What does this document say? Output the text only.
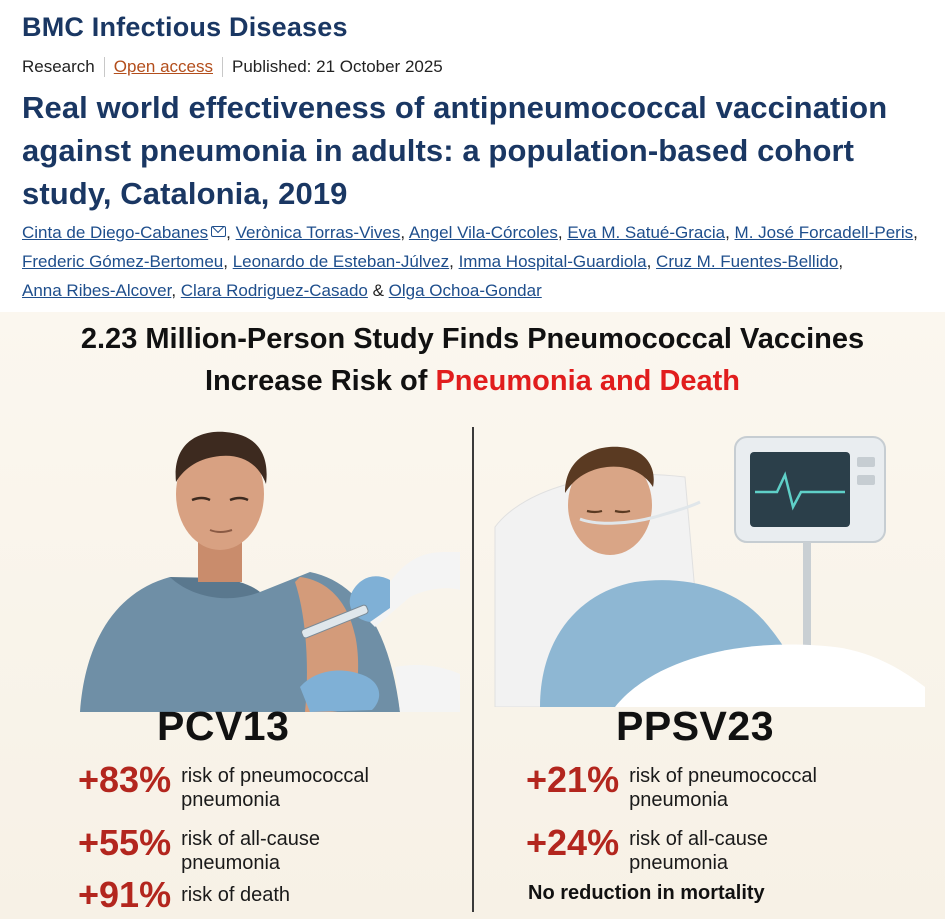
BMC Infectious Diseases
Research Open access Published: 21 October 2025
Real world effectiveness of antipneumococcal vaccination against pneumonia in adults: a population-based cohort study, Catalonia, 2019
Cinta de Diego-Cabanes , Verònica Torras-Vives, Angel Vila-Córcoles, Eva M. Satué-Gracia, M. José Forcadell-Peris, Frederic Gómez-Bertomeu, Leonardo de Esteban-Júlvez, Imma Hospital-Guardiola, Cruz M. Fuentes-Bellido, Anna Ribes-Alcover, Clara Rodriguez-Casado & Olga Ochoa-Gondar
2.23 Million-Person Study Finds Pneumococcal Vaccines
Increase Risk of Pneumonia and Death
PCV13
+83% risk of pneumococcal
pneumonia
+55% risk of all-cause
pneumonia
+91% risk of death
PPSV23
+21% risk of pneumococcal
pneumonia
+24% risk of all-cause
pneumonia
No reduction in mortality
